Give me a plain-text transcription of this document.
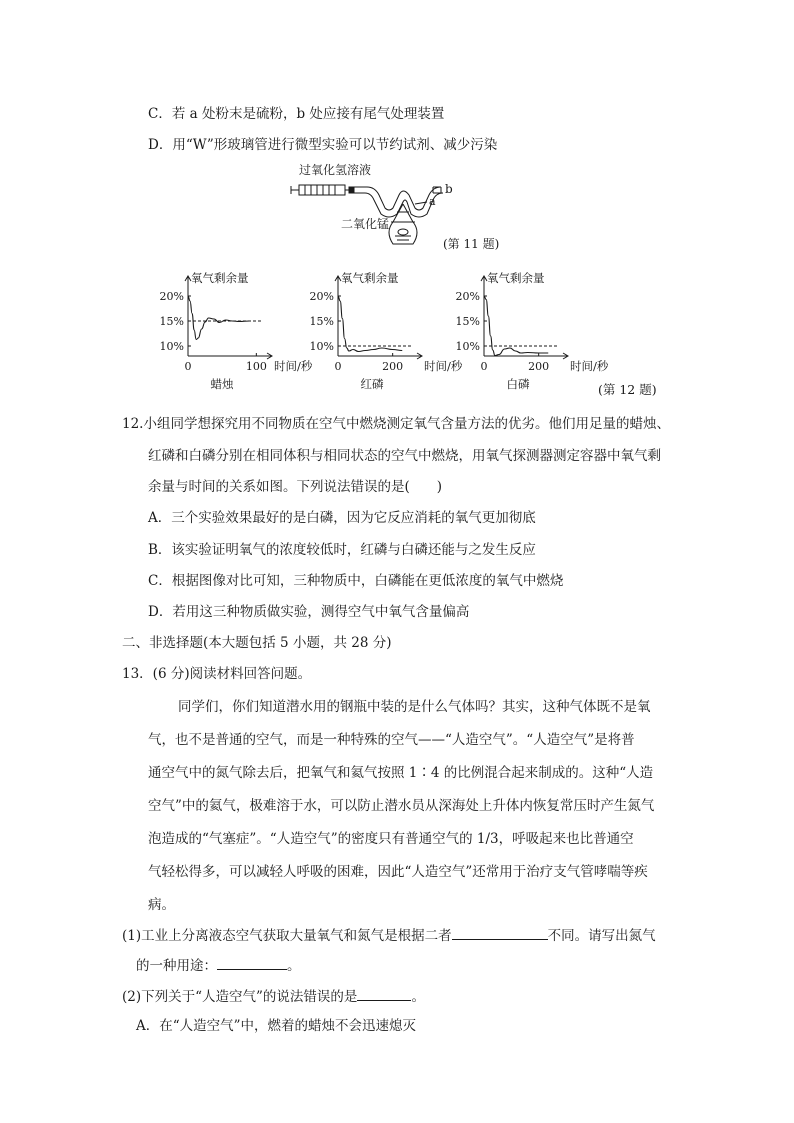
C．若 a 处粉末是硫粉，b 处应接有尾气处理装置
D．用“W”形玻璃管进行微型实验可以节约试剂、减少污染
过氧化氢溶液
b
a
二氧化锰
(第 11 题)
氧气剩余量
20%
15%
10%
0	100 时间/秒
蜡烛
氧气剩余量
20%
15%
10%
0	200 时间/秒
红磷
氧气剩余量
20%
15%
10%
0	200 时间/秒
白磷	(第 12 题)
12.小组同学想探究用不同物质在空气中燃烧测定氧气含量方法的优劣。他们用足量的蜡烛、
红磷和白磷分别在相同体积与相同状态的空气中燃烧，用氧气探测器测定容器中氧气剩
余量与时间的关系如图。下列说法错误的是(　　)
A．三个实验效果最好的是白磷，因为它反应消耗的氧气更加彻底
B．该实验证明氧气的浓度较低时，红磷与白磷还能与之发生反应
C．根据图像对比可知，三种物质中，白磷能在更低浓度的氧气中燃烧
D．若用这三种物质做实验，测得空气中氧气含量偏高
二、非选择题(本大题包括 5 小题，共 28 分)
13．(6 分)阅读材料回答问题。
同学们，你们知道潜水用的钢瓶中装的是什么气体吗？其实，这种气体既不是氧
气，也不是普通的空气，而是一种特殊的空气——“人造空气”。“人造空气”是将普
通空气中的氮气除去后，把氧气和氦气按照 1∶4 的比例混合起来制成的。这种“人造
空气”中的氦气，极难溶于水，可以防止潜水员从深海处上升体内恢复常压时产生氮气
泡造成的“气塞症”。“人造空气”的密度只有普通空气的 1/3，呼吸起来也比普通空
气轻松得多，可以减轻人呼吸的困难，因此“人造空气”还常用于治疗支气管哮喘等疾
病。
(1)工业上分离液态空气获取大量氧气和氮气是根据二者	不同。请写出氮气
的一种用途：	。
(2)下列关于“人造空气”的说法错误的是	。
A．在“人造空气”中，燃着的蜡烛不会迅速熄灭
